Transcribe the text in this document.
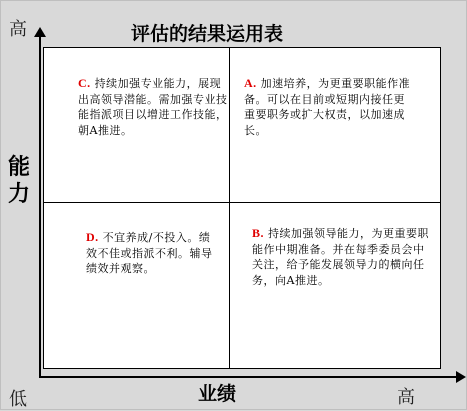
评估的结果运用表
高
能力
低	业绩	高
C. 持续加强专业能力，展现出高领导潜能。需加强专业技能指派项目以增进工作技能，朝A推进。
A. 加速培养，为更重要职能作准备。可以在目前或短期内接任更重要职务或扩大权责，以加速成长。
D. 不宜养成/不投入。绩效不佳或指派不利。辅导绩效并观察。
B. 持续加强领导能力，为更重要职能作中期准备。并在每季委员会中关注，给予能发展领导力的横向任务，向A推进。
